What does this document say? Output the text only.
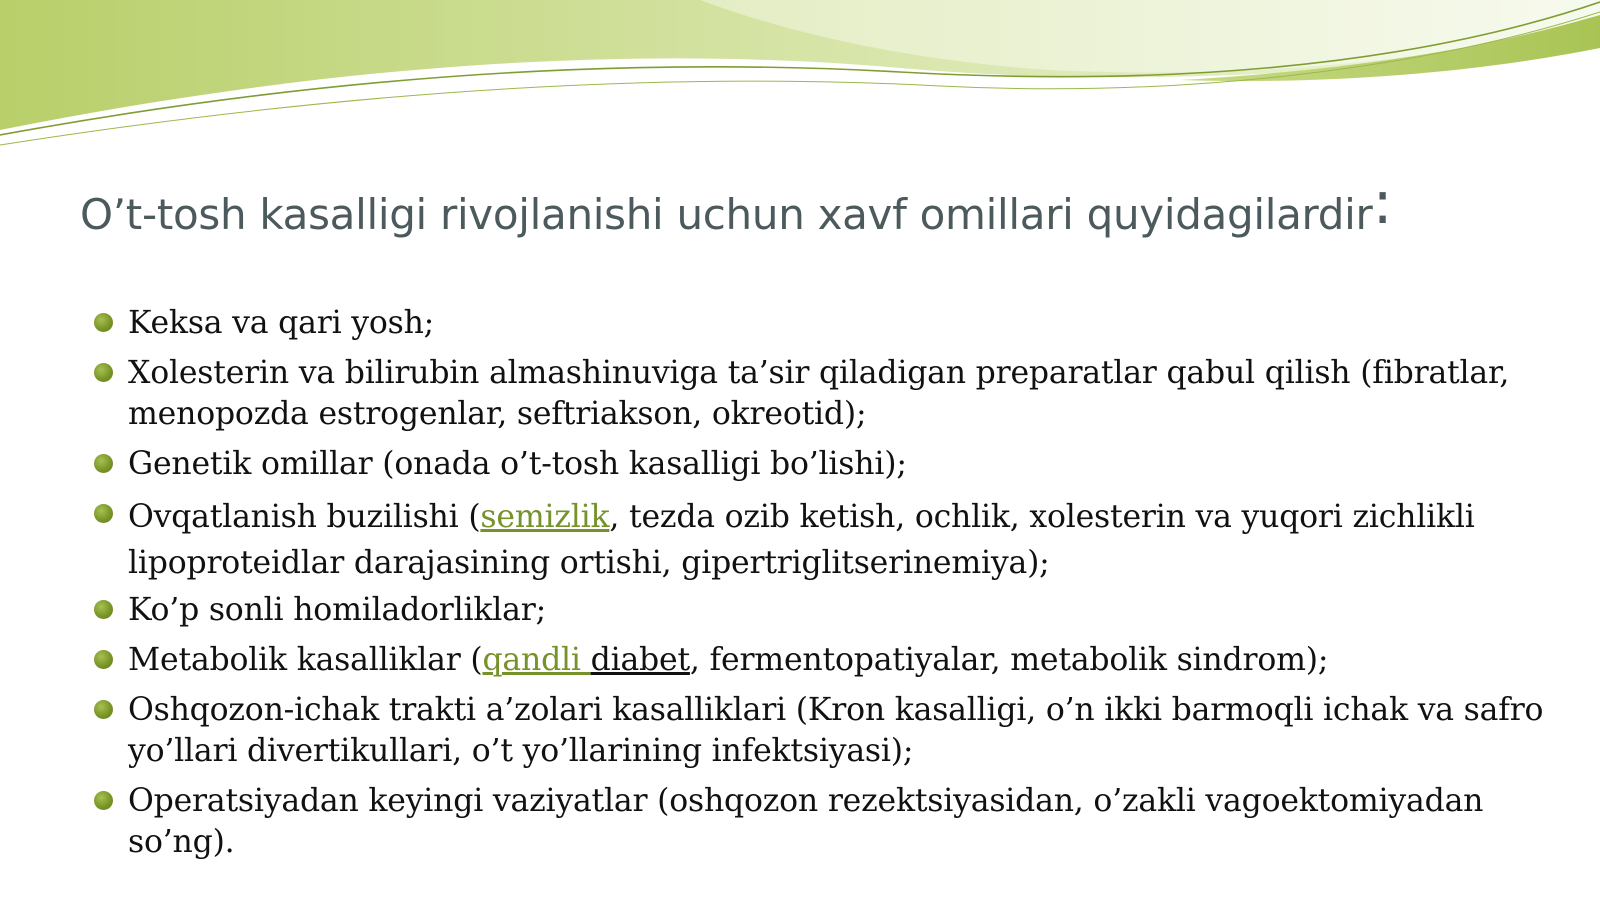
O’t-tosh kasalligi rivojlanishi uchun xavf omillari quyidagilardir:
Keksa va qari yosh;
Xolesterin va bilirubin almashinuviga ta’sir qiladigan preparatlar qabul qilish (fibratlar, menopozda estrogenlar, seftriakson, okreotid);
Genetik omillar (onada o’t-tosh kasalligi bo’lishi);
Ovqatlanish buzilishi (semizlik, tezda ozib ketish, ochlik, xolesterin va yuqori zichlikli lipoproteidlar darajasining ortishi, gipertriglitserinemiya);
Ko’p sonli homiladorliklar;
Metabolik kasalliklar (qandli diabet, fermentopatiyalar, metabolik sindrom);
Oshqozon-ichak trakti a’zolari kasalliklari (Kron kasalligi, o’n ikki barmoqli ichak va safro yo’llari divertikullari, o’t yo’llarining infektsiyasi);
Operatsiyadan keyingi vaziyatlar (oshqozon rezektsiyasidan, o’zakli vagoektomiyadan so’ng).
